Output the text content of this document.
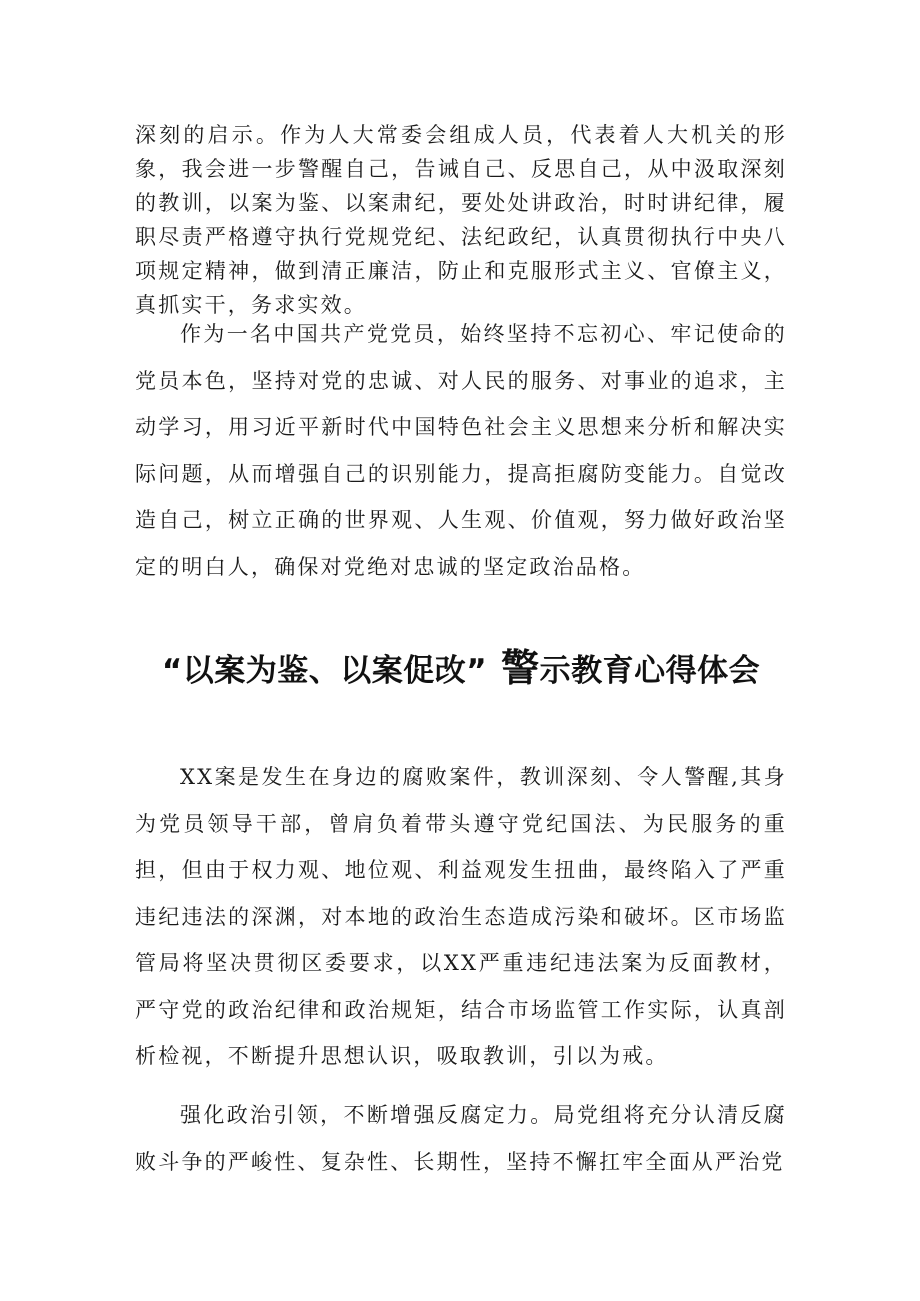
深刻的启示。作为人大常委会组成人员，代表着人大机关的形象，我会进一步警醒自己，告诫自己、反思自己，从中汲取深刻的教训，以案为鉴、以案肃纪，要处处讲政治，时时讲纪律，履职尽责严格遵守执行党规党纪、法纪政纪，认真贯彻执行中央八项规定精神，做到清正廉洁，防止和克服形式主义、官僚主义，真抓实干，务求实效。

作为一名中国共产党党员，始终坚持不忘初心、牢记使命的党员本色，坚持对党的忠诚、对人民的服务、对事业的追求，主动学习，用习近平新时代中国特色社会主义思想来分析和解决实际问题，从而增强自己的识别能力，提高拒腐防变能力。自觉改造自己，树立正确的世界观、人生观、价值观，努力做好政治坚定的明白人，确保对党绝对忠诚的坚定政治品格。

“以案为鉴、以案促改” 警示教育心得体会

XX案是发生在身边的腐败案件，教训深刻、令人警醒,其身为党员领导干部，曾肩负着带头遵守党纪国法、为民服务的重担，但由于权力观、地位观、利益观发生扭曲，最终陷入了严重违纪违法的深渊，对本地的政治生态造成污染和破坏。区市场监管局将坚决贯彻区委要求，以XX严重违纪违法案为反面教材，严守党的政治纪律和政治规矩，结合市场监管工作实际，认真剖析检视，不断提升思想认识，吸取教训，引以为戒。

强化政治引领，不断增强反腐定力。局党组将充分认清反腐败斗争的严峻性、复杂性、长期性，坚持不懈扛牢全面从严治党
